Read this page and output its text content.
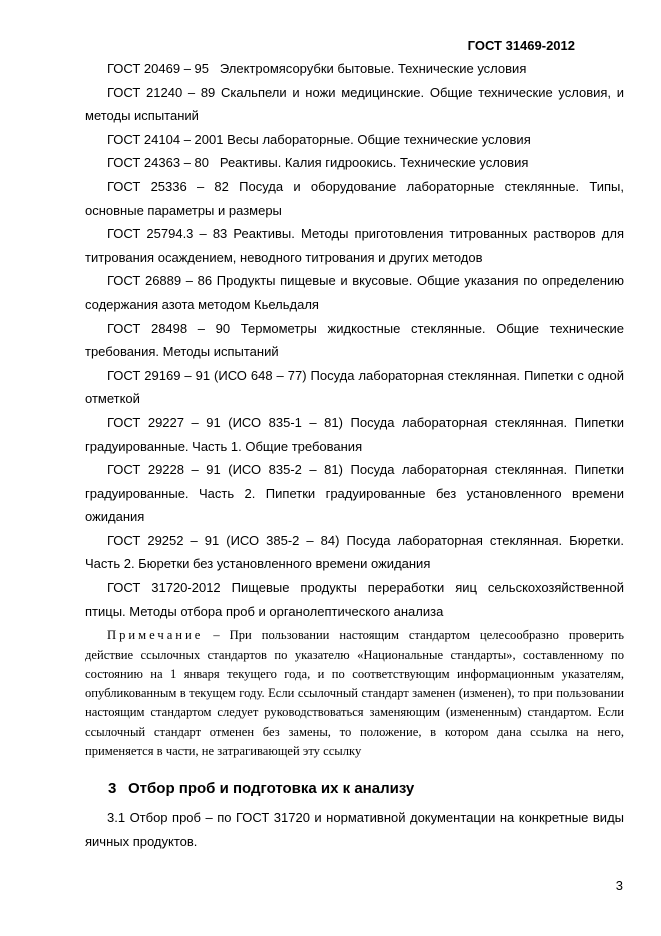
ГОСТ 31469-2012

ГОСТ 20469 – 95 Электромясорубки бытовые. Технические условия

ГОСТ 21240 – 89 Скальпели и ножи медицинские. Общие технические условия, и методы испытаний

ГОСТ 24104 – 2001 Весы лабораторные. Общие технические условия

ГОСТ 24363 – 80 Реактивы. Калия гидроокись. Технические условия

ГОСТ 25336 – 82 Посуда и оборудование лабораторные стеклянные. Типы, основные параметры и размеры

ГОСТ 25794.3 – 83 Реактивы. Методы приготовления титрованных растворов для титрования осаждением, неводного титрования и других методов

ГОСТ 26889 – 86 Продукты пищевые и вкусовые. Общие указания по определению содержания азота методом Кьельдаля

ГОСТ 28498 – 90 Термометры жидкостные стеклянные. Общие технические требования. Методы испытаний

ГОСТ 29169 – 91 (ИСО 648 – 77) Посуда лабораторная стеклянная. Пипетки с одной отметкой

ГОСТ 29227 – 91 (ИСО 835-1 – 81) Посуда лабораторная стеклянная. Пипетки градуированные. Часть 1. Общие требования

ГОСТ 29228 – 91 (ИСО 835-2 – 81) Посуда лабораторная стеклянная. Пипетки градуированные. Часть 2. Пипетки градуированные без установленного времени ожидания

ГОСТ 29252 – 91 (ИСО 385-2 – 84) Посуда лабораторная стеклянная. Бюретки. Часть 2. Бюретки без установленного времени ожидания

ГОСТ 31720-2012 Пищевые продукты переработки яиц сельскохозяйственной птицы. Методы отбора проб и органолептического анализа

Примечание – При пользовании настоящим стандартом целесообразно проверить действие ссылочных стандартов по указателю «Национальные стандарты», составленному по состоянию на 1 января текущего года, и по соответствующим информационным указателям, опубликованным в текущем году. Если ссылочный стандарт заменен (изменен), то при пользовании настоящим стандартом следует руководствоваться заменяющим (измененным) стандартом. Если ссылочный стандарт отменен без замены, то положение, в котором дана ссылка на него, применяется в части, не затрагивающей эту ссылку

3 Отбор проб и подготовка их к анализу

3.1 Отбор проб – по ГОСТ 31720 и нормативной документации на конкретные виды яичных продуктов.

3
